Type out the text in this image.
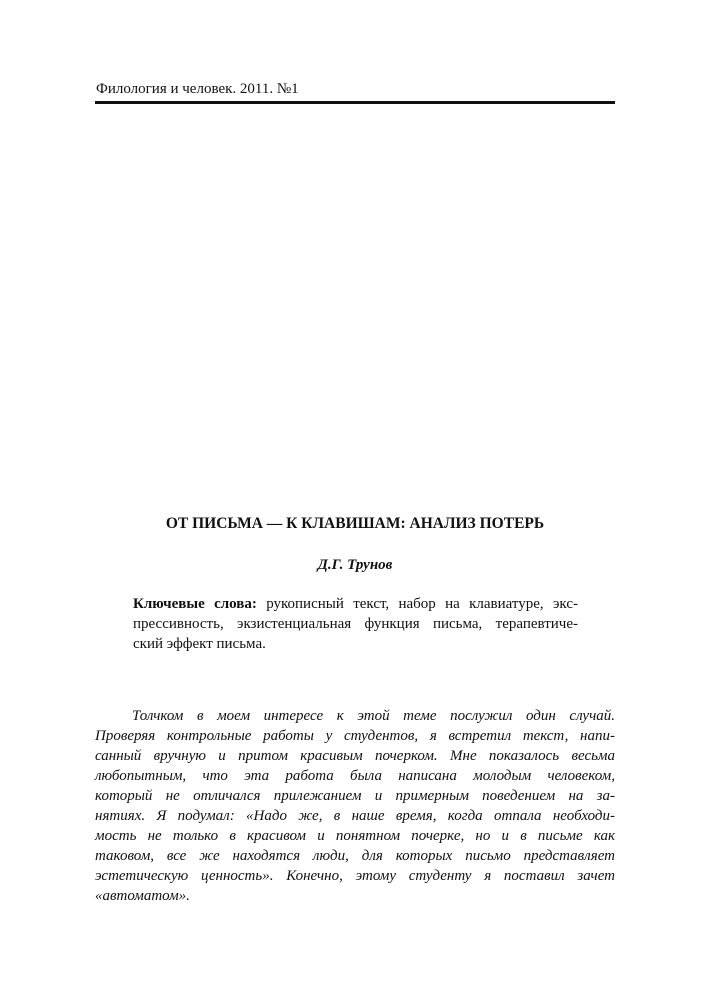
Филология и человек. 2011. №1
ОТ ПИСЬМА — К КЛАВИШАМ: АНАЛИЗ ПОТЕРЬ
Д.Г. Трунов
Ключевые слова: рукописный текст, набор на клавиатуре, экс-
прессивность, экзистенциальная функция письма, терапевтиче-
ский эффект письма.
Толчком в моем интересе к этой теме послужил один случай.
Проверяя контрольные работы у студентов, я встретил текст, напи-
санный вручную и притом красивым почерком. Мне показалось весьма
любопытным, что эта работа была написана молодым человеком,
который не отличался прилежанием и примерным поведением на за-
нятиях. Я подумал: «Надо же, в наше время, когда отпала необходи-
мость не только в красивом и понятном почерке, но и в письме как
таковом, все же находятся люди, для которых письмо представляет
эстетическую ценность». Конечно, этому студенту я поставил зачет
«автоматом».
